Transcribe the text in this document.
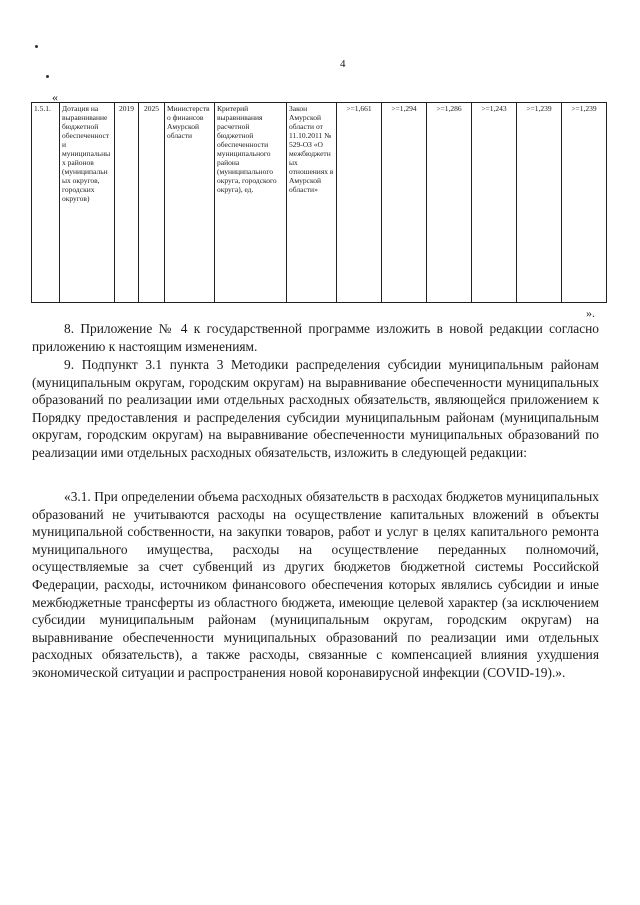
4
«
1.5.1.	Дотация на выравнивание бюджетной обеспеченности муниципальных районов (муниципальных округов, городских округов)	2019	2025	Министерство финансов Амурской области	Критерий выравнивания расчетной бюджетной обеспеченности муниципального района (муниципального округа, городского округа), ед.	Закон Амурской области от 11.10.2011 № 529-ОЗ «О межбюджетных отношениях в Амурской области»	>=1,661	>=1,294	>=1,286	>=1,243	>=1,239	>=1,239
».

8. Приложение № 4 к государственной программе изложить в новой редакции согласно приложению к настоящим изменениям.

9. Подпункт 3.1 пункта 3 Методики распределения субсидии муниципальным районам (муниципальным округам, городским округам) на выравнивание обеспеченности муниципальных образований по реализации ими отдельных расходных обязательств, являющейся приложением к Порядку предоставления и распределения субсидии муниципальным районам (муниципальным округам, городским округам) на выравнивание обеспеченности муниципальных образований по реализации ими отдельных расходных обязательств, изложить в следующей редакции:

«3.1. При определении объема расходных обязательств в расходах бюджетов муниципальных образований не учитываются расходы на осуществление капитальных вложений в объекты муниципальной собственности, на закупки товаров, работ и услуг в целях капитального ремонта муниципального имущества, расходы на осуществление переданных полномочий, осуществляемые за счет субвенций из других бюджетов бюджетной системы Российской Федерации, расходы, источником финансового обеспечения которых являлись субсидии и иные межбюджетные трансферты из областного бюджета, имеющие целевой характер (за исключением субсидии муниципальным районам (муниципальным округам, городским округам) на выравнивание обеспеченности муниципальных образований по реализации ими отдельных расходных обязательств), а также расходы, связанные с компенсацией влияния ухудшения экономической ситуации и распространения новой коронавирусной инфекции (COVID-19).».
